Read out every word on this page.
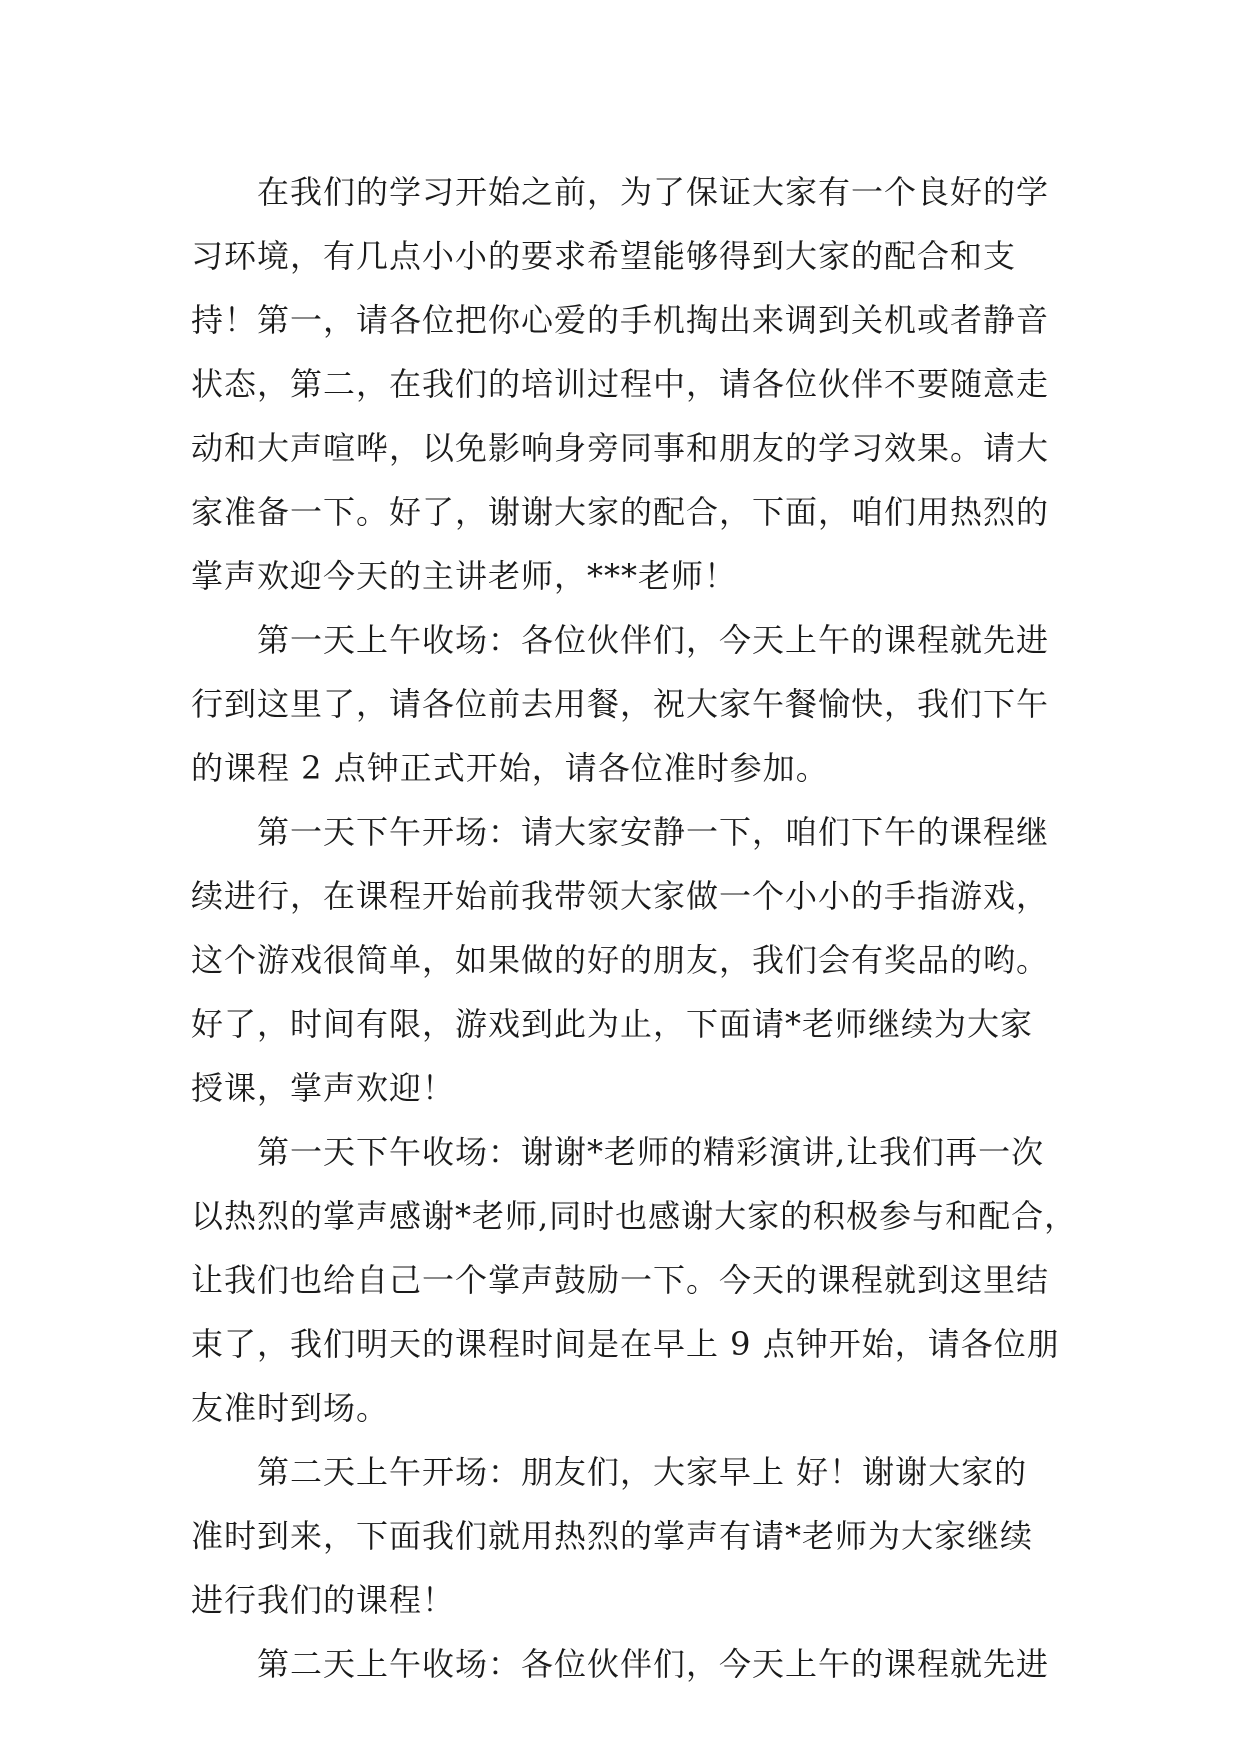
在我们的学习开始之前，为了保证大家有一个良好的学
习环境，有几点小小的要求希望能够得到大家的配合和支
持！第一，请各位把你心爱的手机掏出来调到关机或者静音
状态，第二，在我们的培训过程中，请各位伙伴不要随意走
动和大声喧哗，以免影响身旁同事和朋友的学习效果。请大
家准备一下。好了，谢谢大家的配合，下面，咱们用热烈的
掌声欢迎今天的主讲老师，***老师！
第一天上午收场：各位伙伴们，今天上午的课程就先进
行到这里了，请各位前去用餐，祝大家午餐愉快，我们下午
的课程 2 点钟正式开始，请各位准时参加。
第一天下午开场：请大家安静一下，咱们下午的课程继
续进行，在课程开始前我带领大家做一个小小的手指游戏，
这个游戏很简单，如果做的好的朋友，我们会有奖品的哟。
好了，时间有限，游戏到此为止，下面请*老师继续为大家
授课，掌声欢迎！
第一天下午收场：谢谢*老师的精彩演讲,让我们再一次
以热烈的掌声感谢*老师,同时也感谢大家的积极参与和配合，
让我们也给自己一个掌声鼓励一下。今天的课程就到这里结
束了，我们明天的课程时间是在早上 9 点钟开始，请各位朋
友准时到场。
第二天上午开场：朋友们，大家早上 好！谢谢大家的
准时到来，下面我们就用热烈的掌声有请*老师为大家继续
进行我们的课程！
第二天上午收场：各位伙伴们，今天上午的课程就先进
